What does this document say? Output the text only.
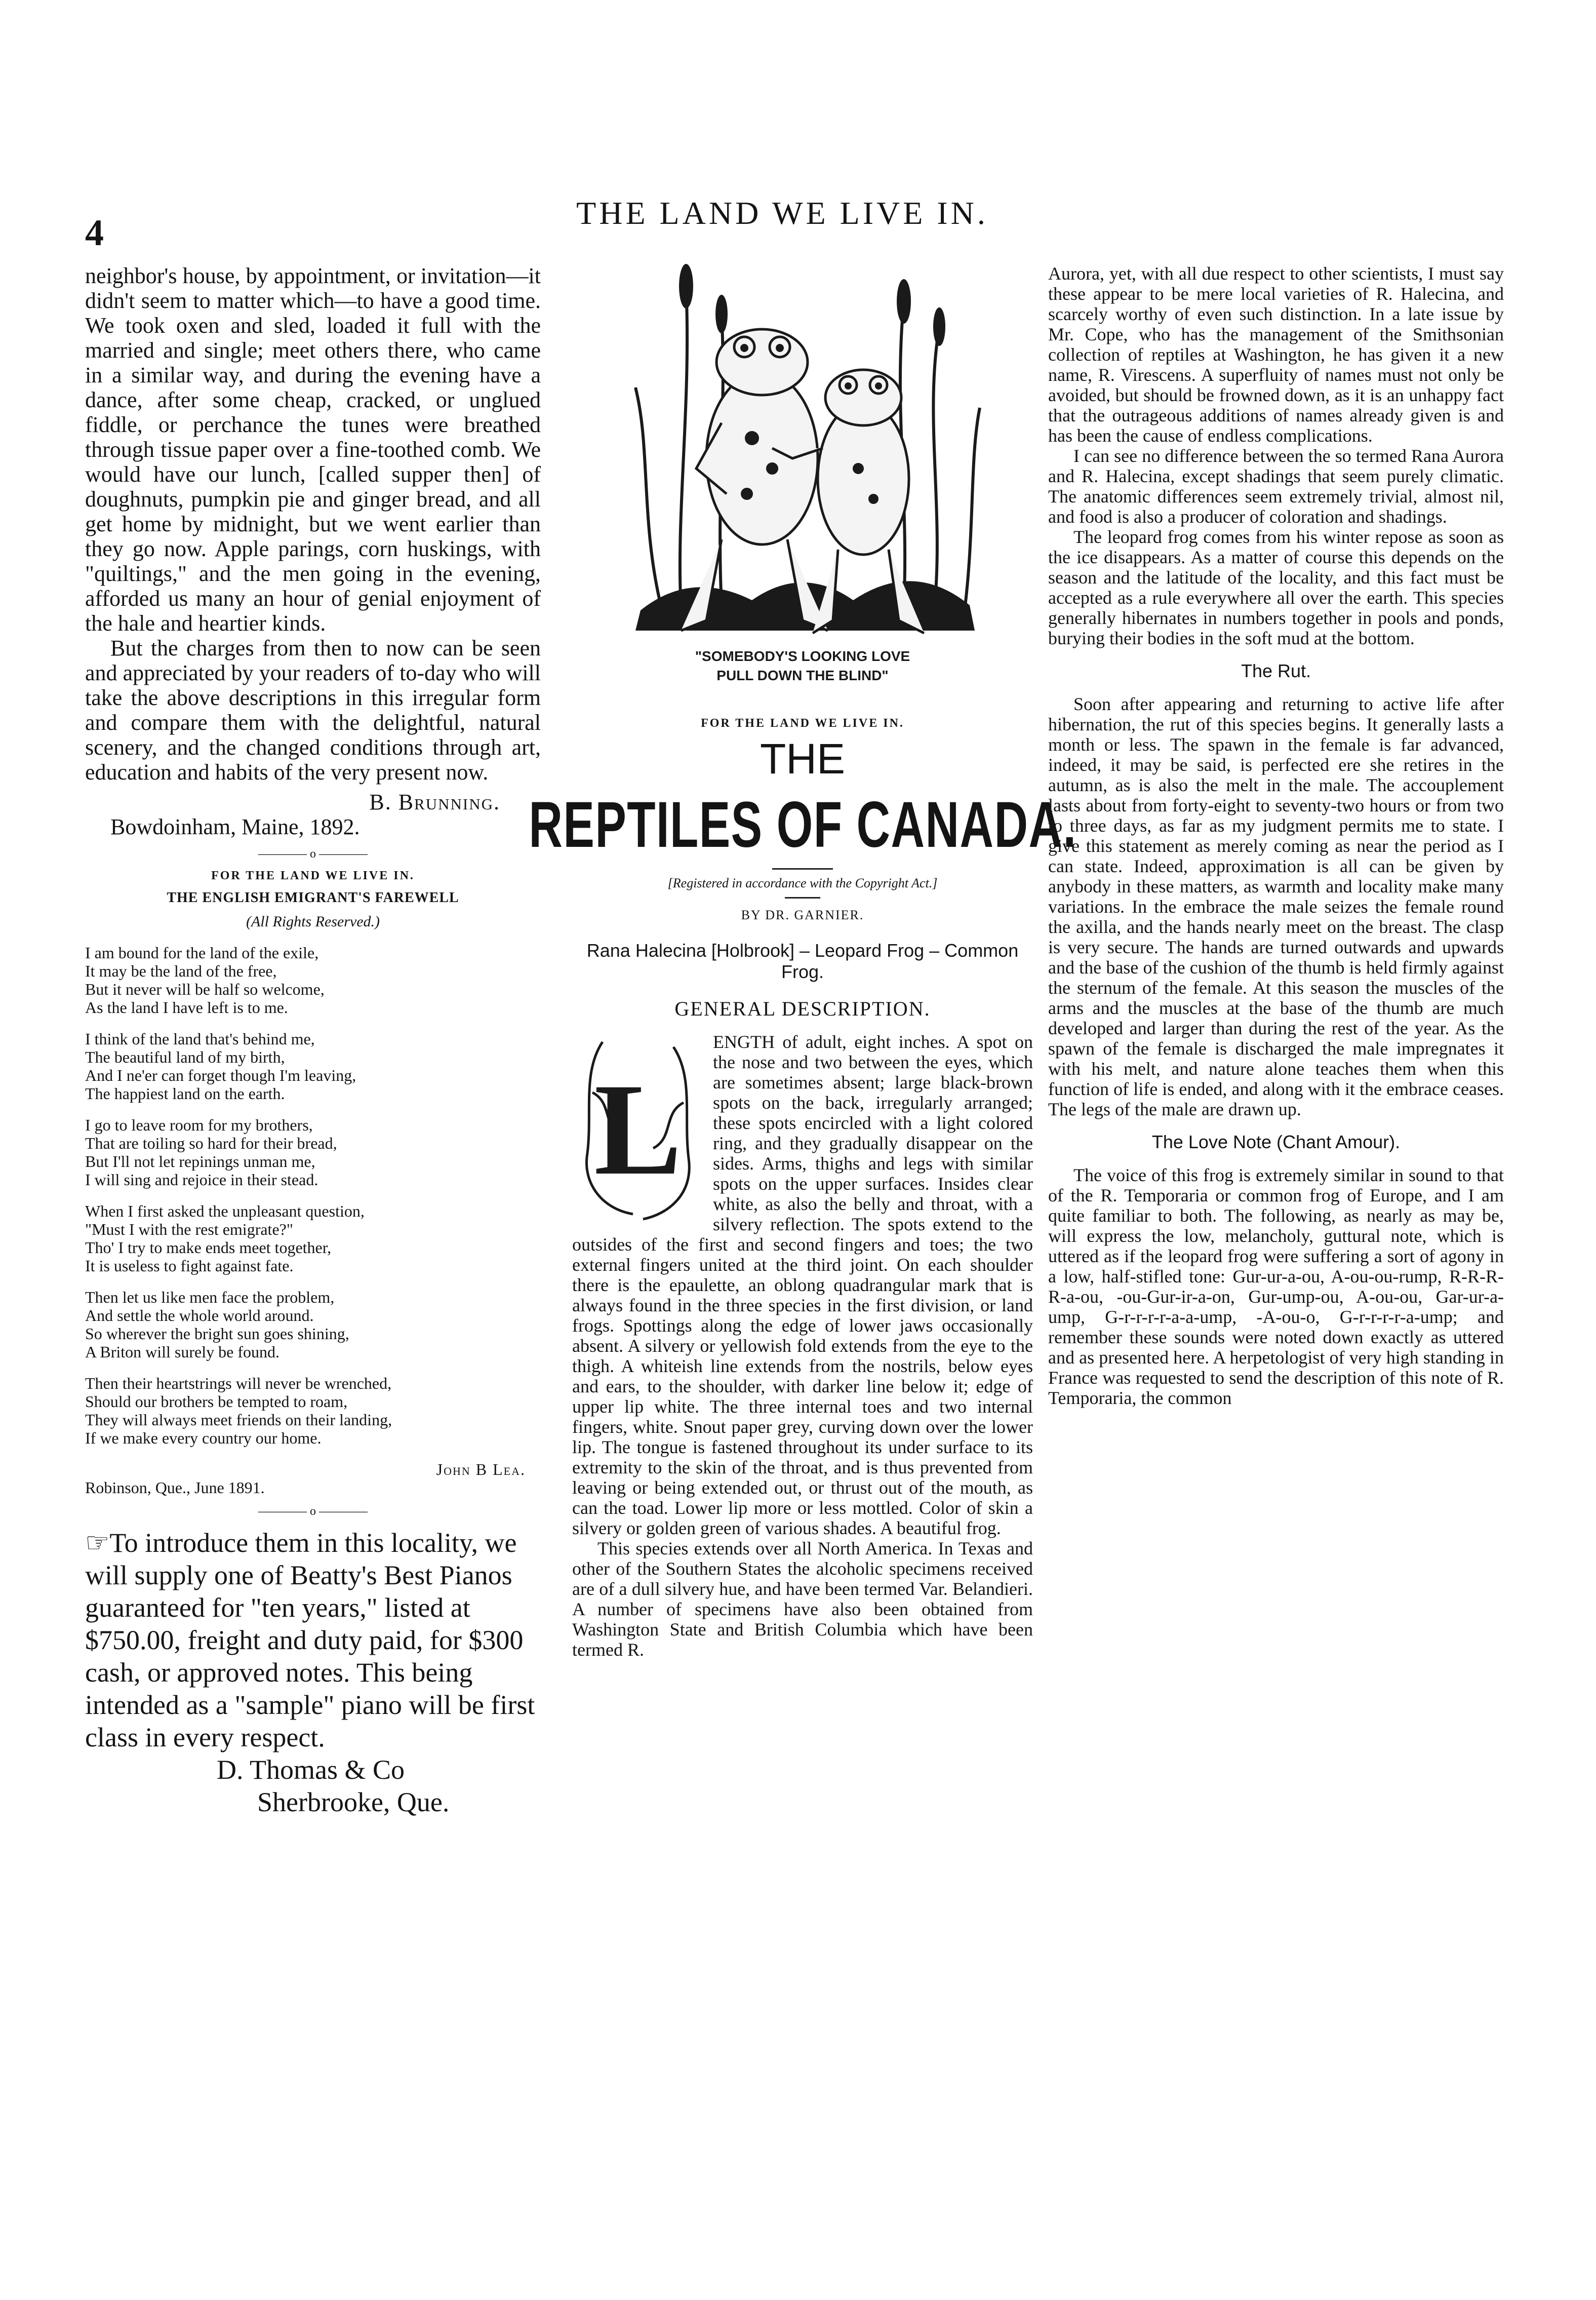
4	THE LAND WE LIVE IN.

neighbor's house, by appointment, or invitation—it didn't seem to matter which—to have a good time. We took oxen and sled, loaded it full with the married and single; meet others there, who came in a similar way, and during the evening have a dance, after some cheap, cracked, or unglued fiddle, or perchance the tunes were breathed through tissue paper over a fine-toothed comb. We would have our lunch, [called supper then] of doughnuts, pumpkin pie and ginger bread, and all get home by midnight, but we went earlier than they go now. Apple parings, corn huskings, with "quiltings," and the men going in the evening, afforded us many an hour of genial enjoyment of the hale and heartier kinds.

But the charges from then to now can be seen and appreciated by your readers of to-day who will take the above descriptions in this irregular form and compare them with the delightful, natural scenery, and the changed conditions through art, education and habits of the very present now.

B. Brunning.

Bowdoinham, Maine, 1892.

———— o ————
FOR THE LAND WE LIVE IN.
THE ENGLISH EMIGRANT'S FAREWELL
(All Rights Reserved.)
I am bound for the land of the exile,
It may be the land of the free,
But it never will be half so welcome,
As the land I have left is to me.
I think of the land that's behind me,
The beautiful land of my birth,
And I ne'er can forget though I'm leaving,
The happiest land on the earth.
I go to leave room for my brothers,
That are toiling so hard for their bread,
But I'll not let repinings unman me,
I will sing and rejoice in their stead.
When I first asked the unpleasant question,
"Must I with the rest emigrate?"
Tho' I try to make ends meet together,
It is useless to fight against fate.
Then let us like men face the problem,
And settle the whole world around.
So wherever the bright sun goes shining,
A Briton will surely be found.
Then their heartstrings will never be wrenched,
Should our brothers be tempted to roam,
They will always meet friends on their landing,
If we make every country our home.
John B Lea.
Robinson, Que., June 1891.
———— o ————
☞To introduce them in this locality, we will supply one of Beatty's Best Pianos guaranteed for "ten years," listed at $750.00, freight and duty paid, for $300 cash, or approved notes. This being intended as a "sample" piano will be first class in every respect.
D. Thomas & Co
Sherbrooke, Que.
"SOMEBODY'S LOOKING LOVE
PULL DOWN THE BLIND"
FOR THE LAND WE LIVE IN.
THE
REPTILES OF CANADA.
[Registered in accordance with the Copyright Act.]
BY DR. GARNIER.
Rana Halecina [Holbrook] – Leopard Frog – Common Frog.
GENERAL DESCRIPTION.
L
ENGTH of adult, eight inches. A spot on the nose and two between the eyes, which are sometimes absent; large black-brown spots on the back, irregularly arranged; these spots encircled with a light colored ring, and they gradually disappear on the sides. Arms, thighs and legs with similar spots on the upper surfaces. Insides clear white, as also the belly and throat, with a silvery reflection. The spots extend to the outsides of the first and second fingers and toes; the two external fingers united at the third joint. On each shoulder there is the epaulette, an oblong quadrangular mark that is always found in the three species in the first division, or land frogs. Spottings along the edge of lower jaws occasionally absent. A silvery or yellowish fold extends from the eye to the thigh. A whiteish line extends from the nostrils, below eyes and ears, to the shoulder, with darker line below it; edge of upper lip white. The three internal toes and two internal fingers, white. Snout paper grey, curving down over the lower lip. The tongue is fastened throughout its under surface to its extremity to the skin of the throat, and is thus prevented from leaving or being extended out, or thrust out of the mouth, as can the toad. Lower lip more or less mottled. Color of skin a silvery or golden green of various shades. A beautiful frog.

This species extends over all North America. In Texas and other of the Southern States the alcoholic specimens received are of a dull silvery hue, and have been termed Var. Belandieri. A number of specimens have also been obtained from Washington State and British Columbia which have been termed R.

Aurora, yet, with all due respect to other scientists, I must say these appear to be mere local varieties of R. Halecina, and scarcely worthy of even such distinction. In a late issue by Mr. Cope, who has the management of the Smithsonian collection of reptiles at Washington, he has given it a new name, R. Virescens. A superfluity of names must not only be avoided, but should be frowned down, as it is an unhappy fact that the outrageous additions of names already given is and has been the cause of endless complications.

I can see no difference between the so termed Rana Aurora and R. Halecina, except shadings that seem purely climatic. The anatomic differences seem extremely trivial, almost nil, and food is also a producer of coloration and shadings.

The leopard frog comes from his winter repose as soon as the ice disappears. As a matter of course this depends on the season and the latitude of the locality, and this fact must be accepted as a rule everywhere all over the earth. This species generally hibernates in numbers together in pools and ponds, burying their bodies in the soft mud at the bottom.

The Rut.

Soon after appearing and returning to active life after hibernation, the rut of this species begins. It generally lasts a month or less. The spawn in the female is far advanced, indeed, it may be said, is perfected ere she retires in the autumn, as is also the melt in the male. The accouplement lasts about from forty-eight to seventy-two hours or from two to three days, as far as my judgment permits me to state. I give this statement as merely coming as near the period as I can state. Indeed, approximation is all can be given by anybody in these matters, as warmth and locality make many variations. In the embrace the male seizes the female round the axilla, and the hands nearly meet on the breast. The clasp is very secure. The hands are turned outwards and upwards and the base of the cushion of the thumb is held firmly against the sternum of the female. At this season the muscles of the arms and the muscles at the base of the thumb are much developed and larger than during the rest of the year. As the spawn of the female is discharged the male impregnates it with his melt, and nature alone teaches them when this function of life is ended, and along with it the embrace ceases. The legs of the male are drawn up.

The Love Note (Chant Amour).

The voice of this frog is extremely similar in sound to that of the R. Temporaria or common frog of Europe, and I am quite familiar to both. The following, as nearly as may be, will express the low, melancholy, guttural note, which is uttered as if the leopard frog were suffering a sort of agony in a low, half-stifled tone: Gur-ur-a-ou, A-ou-ou-rump, R-R-R-R-a-ou, -ou-Gur-ir-a-on, Gur-ump-ou, A-ou-ou, Gar-ur-a-ump, G-r-r-r-r-a-a-ump, -A-ou-o, G-r-r-r-r-a-ump; and remember these sounds were noted down exactly as uttered and as presented here. A herpetologist of very high standing in France was requested to send the description of this note of R. Temporaria, the common
